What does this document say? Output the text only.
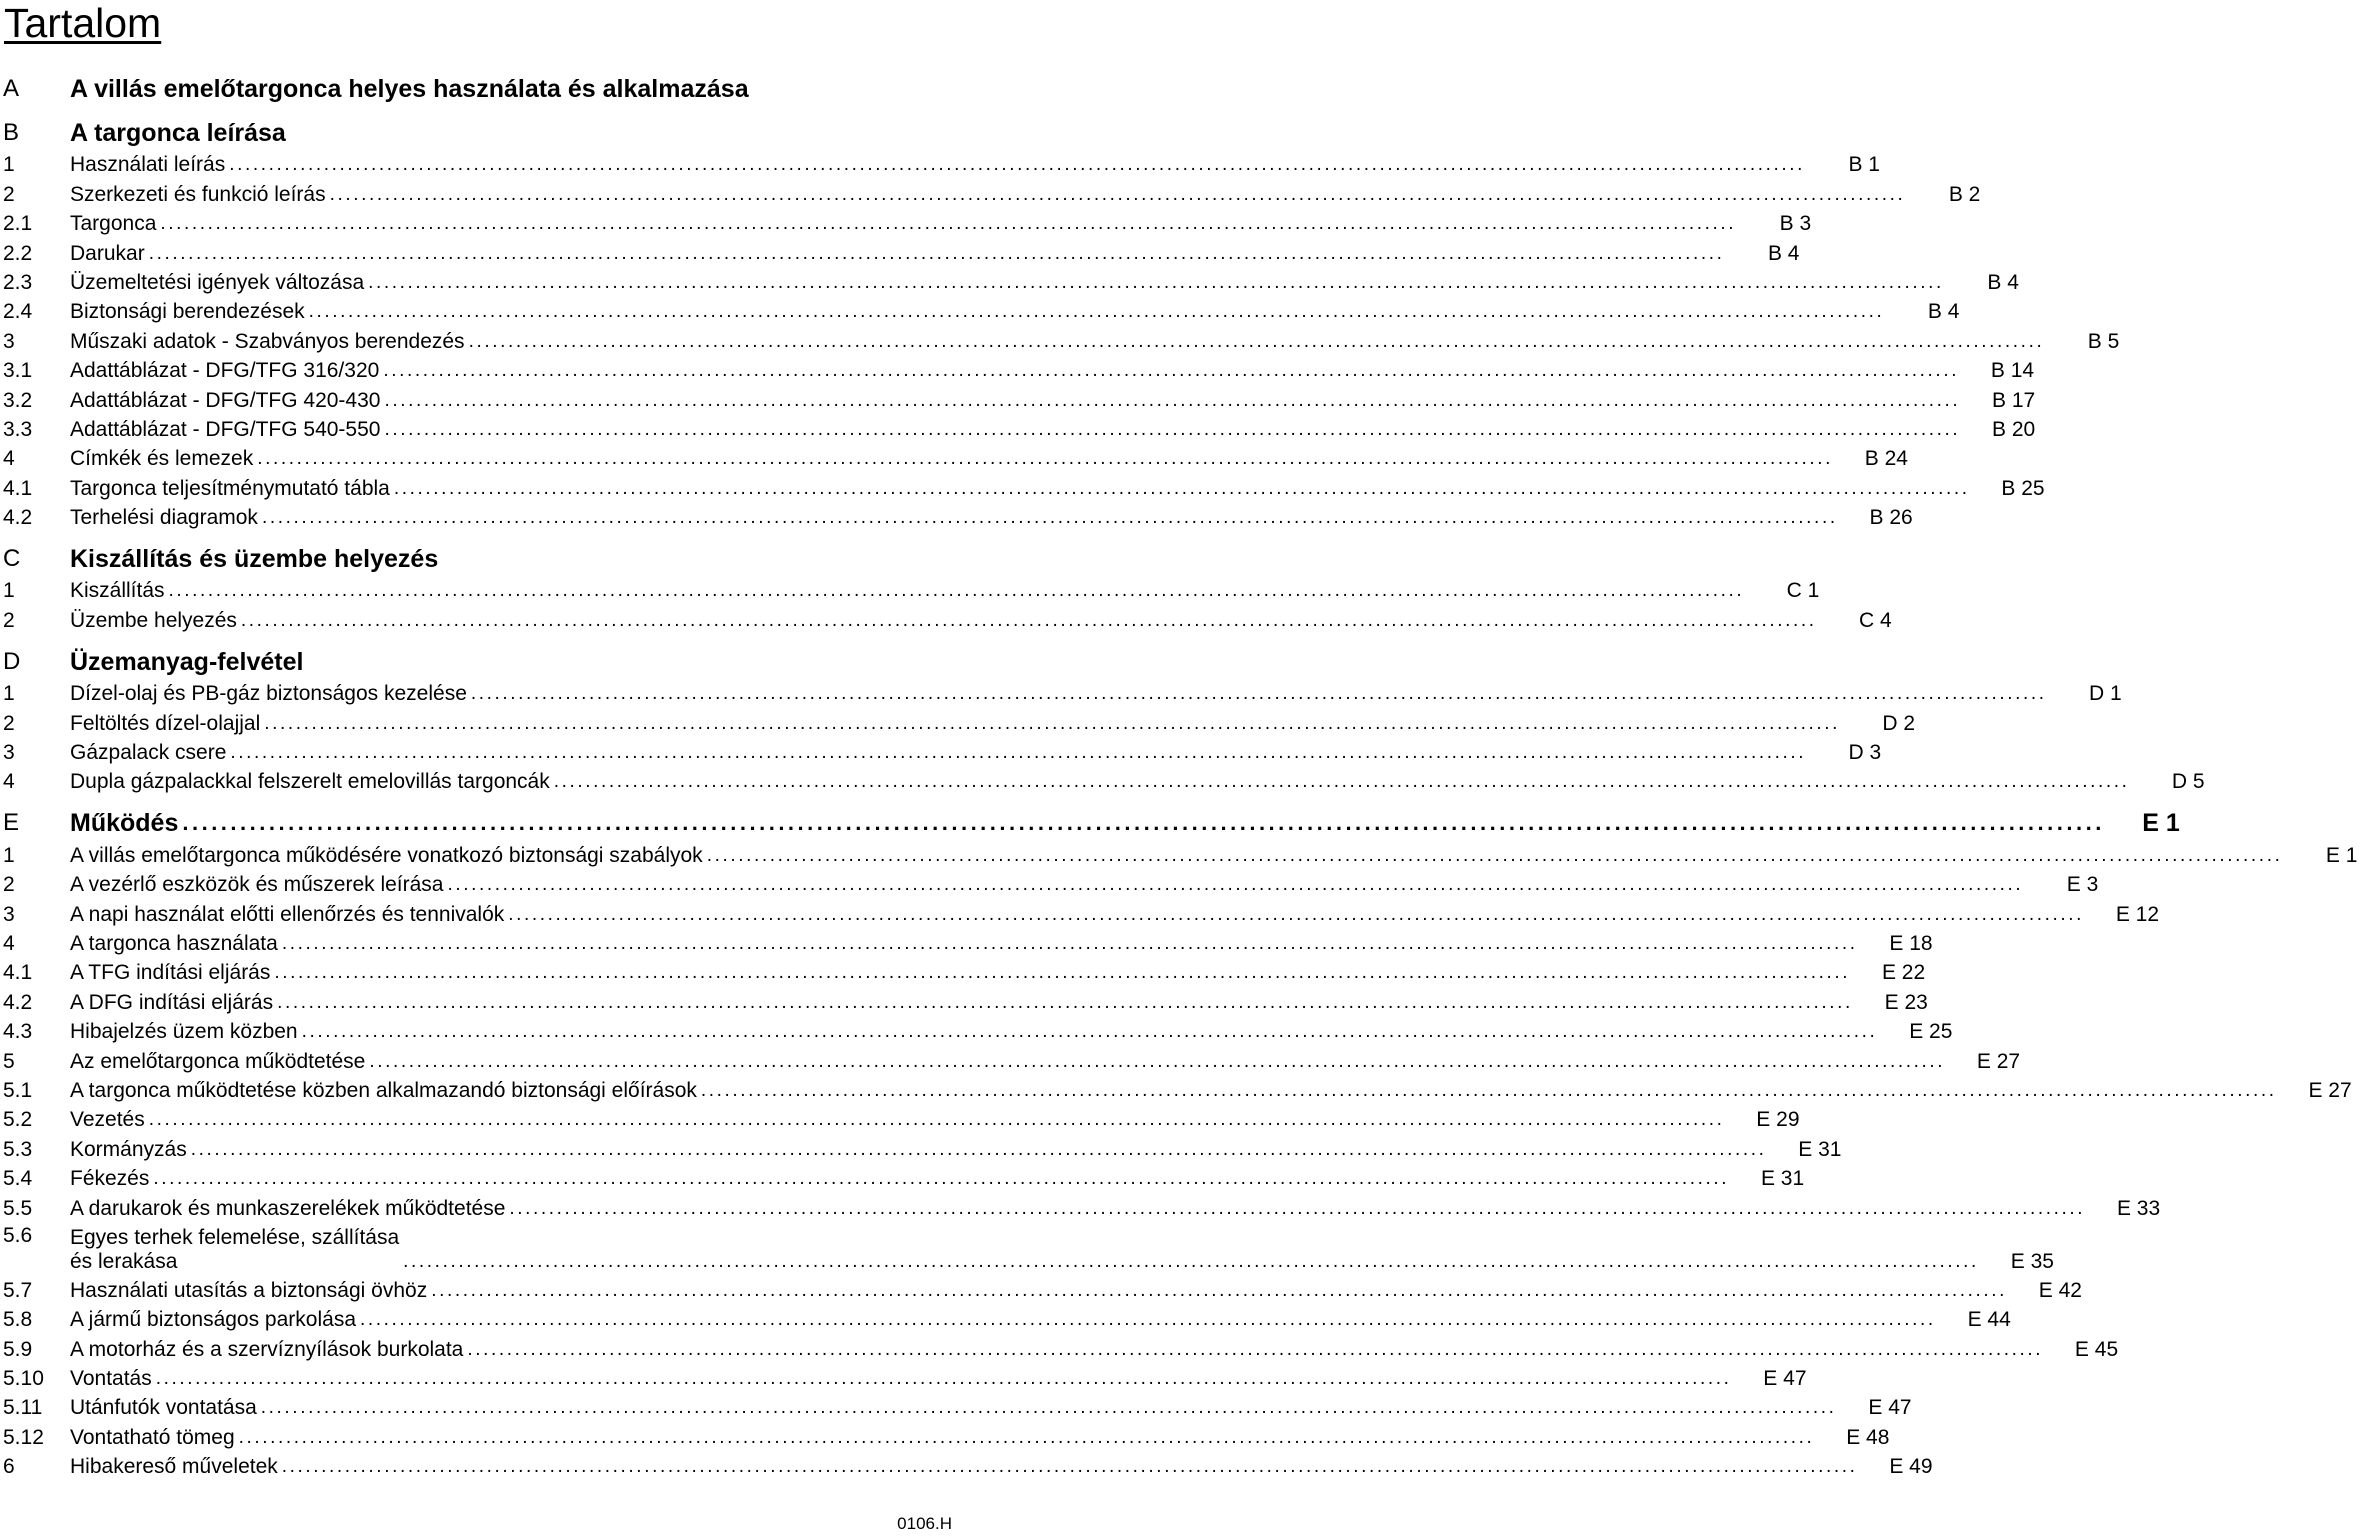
Tartalom
A	A villás emelőtargonca helyes használata és alkalmazása
B	A targonca leírása
1	Használati leírás ........................................................................................................................................................................................................	B 1
2	Szerkezeti és funkció leírás ........................................................................................................................................................................................................	B 2
2.1	Targonca ........................................................................................................................................................................................................	B 3
2.2	Darukar ........................................................................................................................................................................................................	B 4
2.3	Üzemeltetési igények változása ........................................................................................................................................................................................................	B 4
2.4	Biztonsági berendezések ........................................................................................................................................................................................................	B 4
3	Műszaki adatok - Szabványos berendezés ........................................................................................................................................................................................................	B 5
3.1	Adattáblázat - DFG/TFG 316/320 ........................................................................................................................................................................................................	B 14
3.2	Adattáblázat - DFG/TFG 420-430 ........................................................................................................................................................................................................	B 17
3.3	Adattáblázat - DFG/TFG 540-550 ........................................................................................................................................................................................................	B 20
4	Címkék és lemezek ........................................................................................................................................................................................................	B 24
4.1	Targonca teljesítménymutató tábla ........................................................................................................................................................................................................	B 25
4.2	Terhelési diagramok ........................................................................................................................................................................................................	B 26
C	Kiszállítás és üzembe helyezés
1	Kiszállítás ........................................................................................................................................................................................................	C 1
2	Üzembe helyezés ........................................................................................................................................................................................................	C 4
D	Üzemanyag-felvétel
1	Dízel-olaj és PB-gáz biztonságos kezelése ........................................................................................................................................................................................................	D 1
2	Feltöltés dízel-olajjal ........................................................................................................................................................................................................	D 2
3	Gázpalack csere ........................................................................................................................................................................................................	D 3
4	Dupla gázpalackkal felszerelt emelovillás targoncák ........................................................................................................................................................................................................	D 5
E	Működés ........................................................................................................................................................................................................	E 1
1	A villás emelőtargonca működésére vonatkozó biztonsági szabályok ........................................................................................................................................................................................................	E 1
2	A vezérlő eszközök és műszerek leírása ........................................................................................................................................................................................................	E 3
3	A napi használat előtti ellenőrzés és tennivalók ........................................................................................................................................................................................................	E 12
4	A targonca használata ........................................................................................................................................................................................................	E 18
4.1	A TFG indítási eljárás ........................................................................................................................................................................................................	E 22
4.2	A DFG indítási eljárás ........................................................................................................................................................................................................	E 23
4.3	Hibajelzés üzem közben ........................................................................................................................................................................................................	E 25
5	Az emelőtargonca működtetése ........................................................................................................................................................................................................	E 27
5.1	A targonca működtetése közben alkalmazandó biztonsági előírások ........................................................................................................................................................................................................	E 27
5.2	Vezetés ........................................................................................................................................................................................................	E 29
5.3	Kormányzás ........................................................................................................................................................................................................	E 31
5.4	Fékezés ........................................................................................................................................................................................................	E 31
5.5	A darukarok és munkaszerelékek működtetése ........................................................................................................................................................................................................	E 33
5.6	Egyes terhek felemelése, szállítása
és lerakása	........................................................................................................................................................................................................	E 35
5.7	Használati utasítás a biztonsági övhöz ........................................................................................................................................................................................................	E 42
5.8	A jármű biztonságos parkolása ........................................................................................................................................................................................................	E 44
5.9	A motorház és a szervíznyílások burkolata ........................................................................................................................................................................................................	E 45
5.10	Vontatás ........................................................................................................................................................................................................	E 47
5.11	Utánfutók vontatása ........................................................................................................................................................................................................	E 47
5.12	Vontatható tömeg ........................................................................................................................................................................................................	E 48
6	Hibakereső műveletek ........................................................................................................................................................................................................	E 49
0106.H
